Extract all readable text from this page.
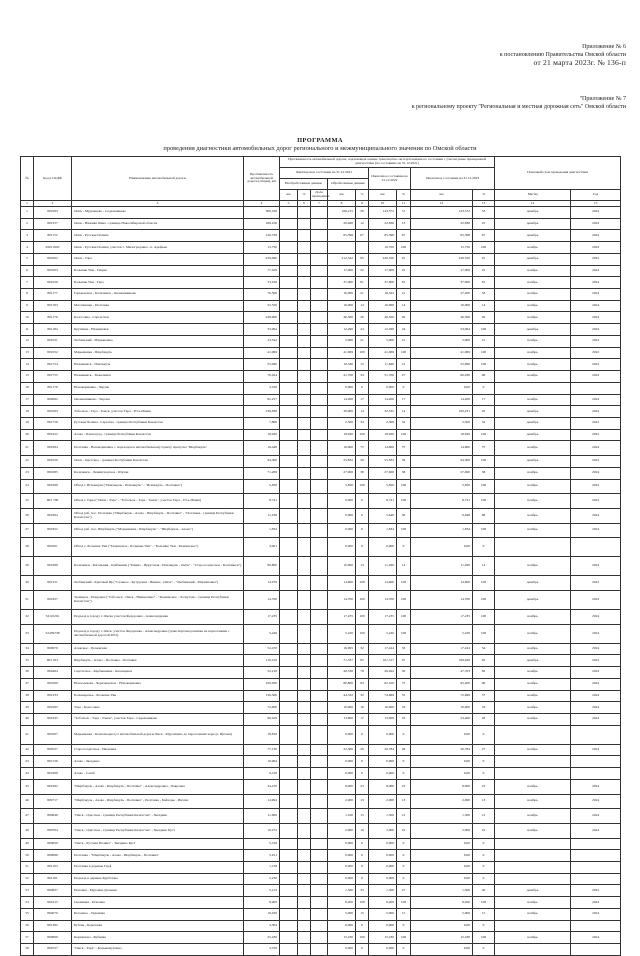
Приложение № 6
к постановлению Правительства Омской области
от 21 марта 2023г. № 136-п
"Приложение № 7
к региональному проекту "Региональная и местная дорожная сеть" Омской области
ПРОГРАММА
проведения диагностики автомобильных дорог регионального и межмуниципального значения по Омской области
№	Код в СКДФ	Наименование автомобильной дороги	Протяженность автомобильной дороги (общая), км	Протяженность автомобильной дороги, подлежащая оценке транспортно-эксплуатационного состояния с учетом ранее проведенной диагностики (по состоянию на 31.12.2021)									Плановый срок проведения диагностики	
				Фактическое состояние на 31.12.2021					Оценочное состояние на 31.12.2022		Оценочное состояние на 31.12.2023			
				Необработанные данные			Обработанные данные							
				км	%	Доля прошедших	км	%	км	%	км	%	Месяц	Год
1	2	3	4	5	6	7	8	9	10	11	12	13	14	15
1	801093	Омск - Муромцево - Седельниково	300,100				106,215	29	143,572	51	143,572	53	декабрь	2022
2	801257	Омск - Нижняя Омка - граница Новосибирской области	188,100				20,460	12	22,836	13	22,836	25	декабрь	2022
3	801152	Омск - Русская Поляна	126,728				85,398	67	85,398	67	85,398	67	декабрь	2022
4	92011920	Омск - Русская Поляна, участок с. Милоградовка - п. Арефьев	15,750						10,700	100	15,750	100	ноябрь	2022
5	801002	Омск - Тара	259,090				212,342	85	226,550	91	226,550	91	декабрь	2022
6	801003	Большие Уки - Тевриз	77,100				17,000	22	17,000	22	17,000	22	ноябрь	2024
7	801056	Большие Уки - Тара	53,160				37,000	81	37,000	81	37,000	81	ноябрь	2024
8	801177	Горьковское - Калачинск - Оконешниково	76,500				16,000	21	16,345	21	27,200	33	ноябрь	2024
9	801763	Масляновка - Полтавка	52,550				16,000	14	16,000	14	16,000	14	ноябрь	2024
10	801170	Колосовка - Саргатское	228,000				46,500	20	46,500	20	46,500	20	ноябрь	2024
11	801184	Крутинка - Называевск	53,064				12,290	24	12,290	24	53,064	100	декабрь	2022
12	801021	Любинский - Марьяновка	23,542				5,000	21	5,000	21	5,000	21	ноябрь	2024
13	801052	Марьяновка - Шербакуль	41,069				41,069	100	41,069	100	41,069	100	ноябрь	2022
14	801754	Называевск - Исилькуль	55,090				10,340	15	11,840	12	55,090	100	ноябрь	2022
15	801755	Называевск - Тюкалинск	70,024				41,700	34	51,700	27	60,030	90	ноябрь	2022
16	801170	Нововаршавка - Черлак	3,100				0,000	0	0,000	0	0,00	0		
17	804092	Оконешниково - Черлак	82,257				14,200	17	14,200	17	14,200	17	ноябрь	2024
18	801063	Тобольск - Тара - Томск, участок Тара - Усть-Ишим	230,830				30,000	14	32,535	14	100,231	45	декабрь	2022
19	801756	Русская Поляна - Саргатка - граница Республики Казахстан	7,800				2,500	34	2,500	34	2,500	34	декабрь	2022
20	801922	Азово - Павлоград - граница Республики Казахстан	18,920				18,920	100	18,920	100	18,920	100	декабрь	2022
21	801694	Полтавка - Нововаршавка, с подъездом к автомобильному пункту пропуска "Шербакуль"	19,448				16,000	75	14,800	75	14,800	75	ноябрь	2024
22	801050	Омск - Одесское - граница Республики Казахстан	94,300				55,832	59	55,832	59	94,300	100	декабрь	2022
23	801685	Калачинск - Ленинградское - Шулаи	71,269				27,000	38	27,000	38	27,000	38	ноябрь	2024
24	801698	Обход г. Исилькуля ("Исилькуль - Исилькуль" - "Исилькуль - Полтавка")	5,850				5,850	100	5,850	100	5,850	100	ноябрь	2022
25	801 700	Обход г. Тары ("Омск - Тара" - "Тобольск - Тара - Томск", участок Тара - Усть-Ишим)	8,741				0,000	0	8,741	100	8,741	100	ноябрь	2022
26	801864	Обход раб. пос. Полтавка ("Шербакуль - Азово - Шербакуль - Полтавка" - "Полтавка - граница Республики Казахстан")	11,236				0,000	0	5,648	50	9,648	86	ноябрь	2024
27	801852	Обход раб. пос. Шербакуль ("Марьяновка - Шербакуль" - "Шербакуль - Азово")	1,834				0,000	0	1,834	100	1,834	100	ноябрь	2024
28	801001	Обход с. Большие Уки ("Тевризское - Большие Уки" - "Большие Уки - Знаменское")	3,001				0,000	0	0,000	0	0,00	0		
29	801688	Калачинск - Кагальник - Куйбышев ("Тевриз - Иркутская - Исилькуль - Омск" - "Старосолдатское - Калачинск")	80,800				10,900	13	11,290	14	11,290	14	ноябрь	2024
30	801251	Любинский - Красный Яр ("Сальное - Кутурская - Иванка - Омск" - "Любинский - Марьяновка")	14,979				14,600	100	14,600	100	14,600	100	декабрь	2022
31	801827	Троицкое - Покровка ("Тобольск - Омск - Нижнеомка" - "Знаменское - Лоскутово - граница Республики Казахстан")	14,700				14,700	100	14,700	100	14,700	100	декабрь	2022
32	52110201	Подъезд к городу г. Омска участок Федоровка - Александровка	17,235				17,235	100	17,235	100	17,235	100	ноябрь	2024
33	52459738	Подъезд к городу г. Омск, участок Федоровка - Александровка (транспортная развязка на пересечении с автомобильной дорогой М51)	5,220				5,220	100	5,220	100	5,220	100	ноябрь	2024
34	800679	Азовское - Грачевская	52,470				16,995	32	17,424	33	17,424	34	ноябрь	2024
35	801 815	Шербакуль - Азово - Полтавка - Полтавка	119,210				71,337	85	101,517	97	108,049	95	декабрь	2022
36	804464	Саргатское - Карбышевка - Казанцевск	52,210				49,536	79	26,292	50	47,703	82	ноябрь	2022
37	801000	Новоолекова - Черлаковское - Нововаршавка	106,950				86,800	84	82,100	75	95,200	90	ноябрь	2022
38	801233	Большеречье - Большие Уки	136,300				44,332	32	74,669	55	72,699	57	ноябрь	2024
39	801095	Тара - Колосовка	72,000				10,000	16	10,000	16	10,000	16	ноябрь	2024
40	801635	"Тобольск - Тара - Томск", участок Тара - Седельниково	99,100				13,800	17	13,900	18	23,400	28	ноябрь	2024
41	801007	Марьяновка - Конезаводка (от автомобильной дороги Омск - Муромцево до пересечения через р. Иртыш)	18,810				0,000	0	0,000	0	0,00	0		
42	800527	Старосолдатское - Ивановка	77,130				22,300	29	20,784	28	20,784	27	ноябрь	2024
43	801726	Азово - Звездино	10,004				0,000	0	0,000	0	0,00	0		
44	801908	Азово - Сахаб	9,318				0,000	0	0,000	0	0,00	0		
45	801692	"Шербакуль - Азово - Шербакуль - Полтавка" - Александровка - Покровка	34,470				8,000	23	8,000	23	8,000	23	ноябрь	2024
46	800717	"Шербакуль - Азово - Шербакуль - Полтавка" - Полтавка - Байхоры - Ипатка	14,994				2,000	13	2,000	13	2,000	13	ноябрь	2024
47	800646	"Омск - Одесское - граница Республики Казахстан" - Звездино	11,900				1,160	15	1,500	12	1,500	12	ноябрь	2024
48	800764	"Омск - Одесское - граница Республики Казахстан" - Звездино Куст	10,272				2,000	19	2,000	19	2,000	19	ноябрь	2024
49	800650	"Омск - Русская Поляна" - Звездино Куст	5,318				0,000	0	0,000	0	0,00	0		
50	800696	Полтавка - "Шербакуль - Азово - Шербакуль - Полтавка"	5,611				0,000	0	0,000	0	0,00	0		
51	801193	Полтавка к деревне Гауф	1,138				0,000	0	0,000	0	0,00	0		
52	801181	Подъезд к деревне Курбатово	2,230				0,000	0	0,000	0	0,00	0		
53	804827	Поповка - Муромка Дальняя	5,213				1,500	33	1,500	27	1,500	40	декабрь	2022
54	801015	Снежинка - Поповка	8,200				8,200	100	8,200	100	8,200	100	ноябрь	2024
55	804070	Бетонное - Украинка	10,450				5,000	15	5,000	15	5,000	15	ноябрь	2024
56	801392	Бутень - Березовка	3,304				0,000	0	0,000	0	0,00	0		
57	800690	Кормилово - Кубинка	25,180				15,180	100	15,180	100	15,180	100	ноябрь	2024
58	800727	"Омск - Тара" - Большемурзино	3,376				0,000	0	0,000	0	0,00	0		
